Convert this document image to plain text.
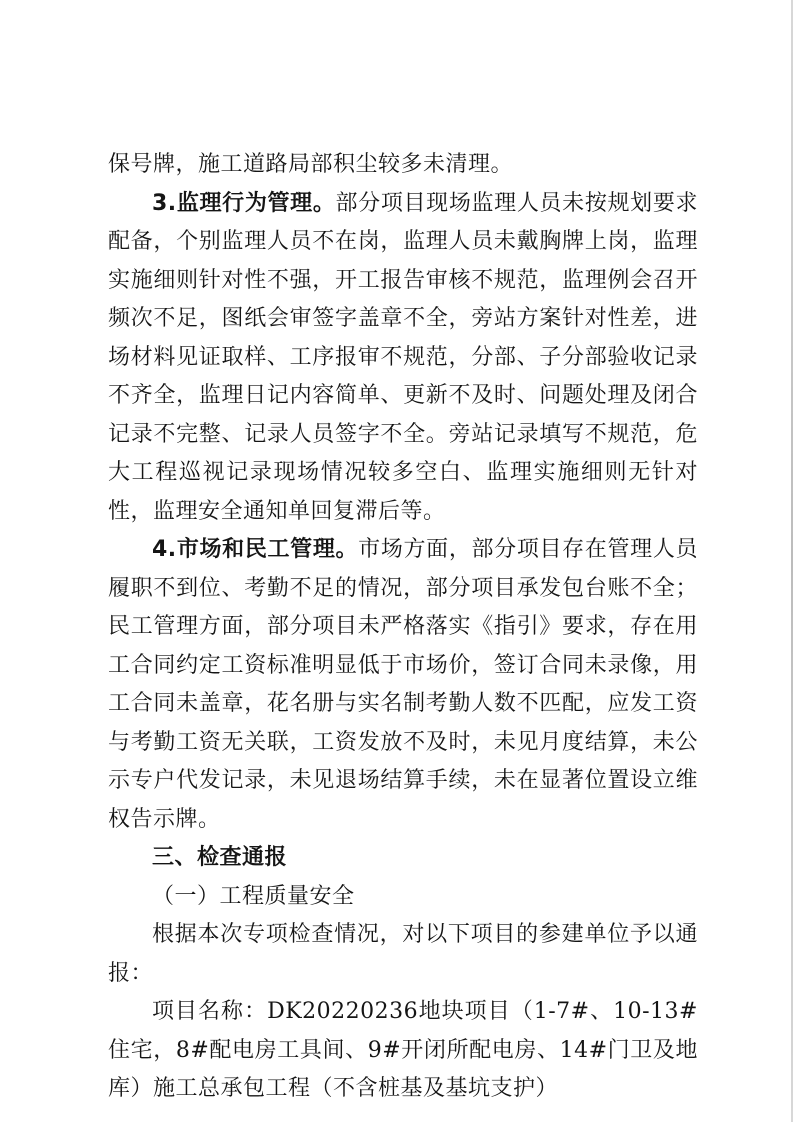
保号牌，施工道路局部积尘较多未清理。

3.监理行为管理。部分项目现场监理人员未按规划要求配备，个别监理人员不在岗，监理人员未戴胸牌上岗，监理实施细则针对性不强，开工报告审核不规范，监理例会召开频次不足，图纸会审签字盖章不全，旁站方案针对性差，进场材料见证取样、工序报审不规范，分部、子分部验收记录不齐全，监理日记内容简单、更新不及时、问题处理及闭合记录不完整、记录人员签字不全。旁站记录填写不规范，危大工程巡视记录现场情况较多空白、监理实施细则无针对性，监理安全通知单回复滞后等。

4.市场和民工管理。市场方面，部分项目存在管理人员履职不到位、考勤不足的情况，部分项目承发包台账不全；民工管理方面，部分项目未严格落实《指引》要求，存在用工合同约定工资标准明显低于市场价，签订合同未录像，用工合同未盖章，花名册与实名制考勤人数不匹配，应发工资与考勤工资无关联，工资发放不及时，未见月度结算，未公示专户代发记录，未见退场结算手续，未在显著位置设立维权告示牌。

三、检查通报

（一）工程质量安全

根据本次专项检查情况，对以下项目的参建单位予以通报：

项目名称：DK20220236地块项目（1-7#、10-13#住宅，8#配电房工具间、9#开闭所配电房、14#门卫及地库）施工总承包工程（不含桩基及基坑支护）
